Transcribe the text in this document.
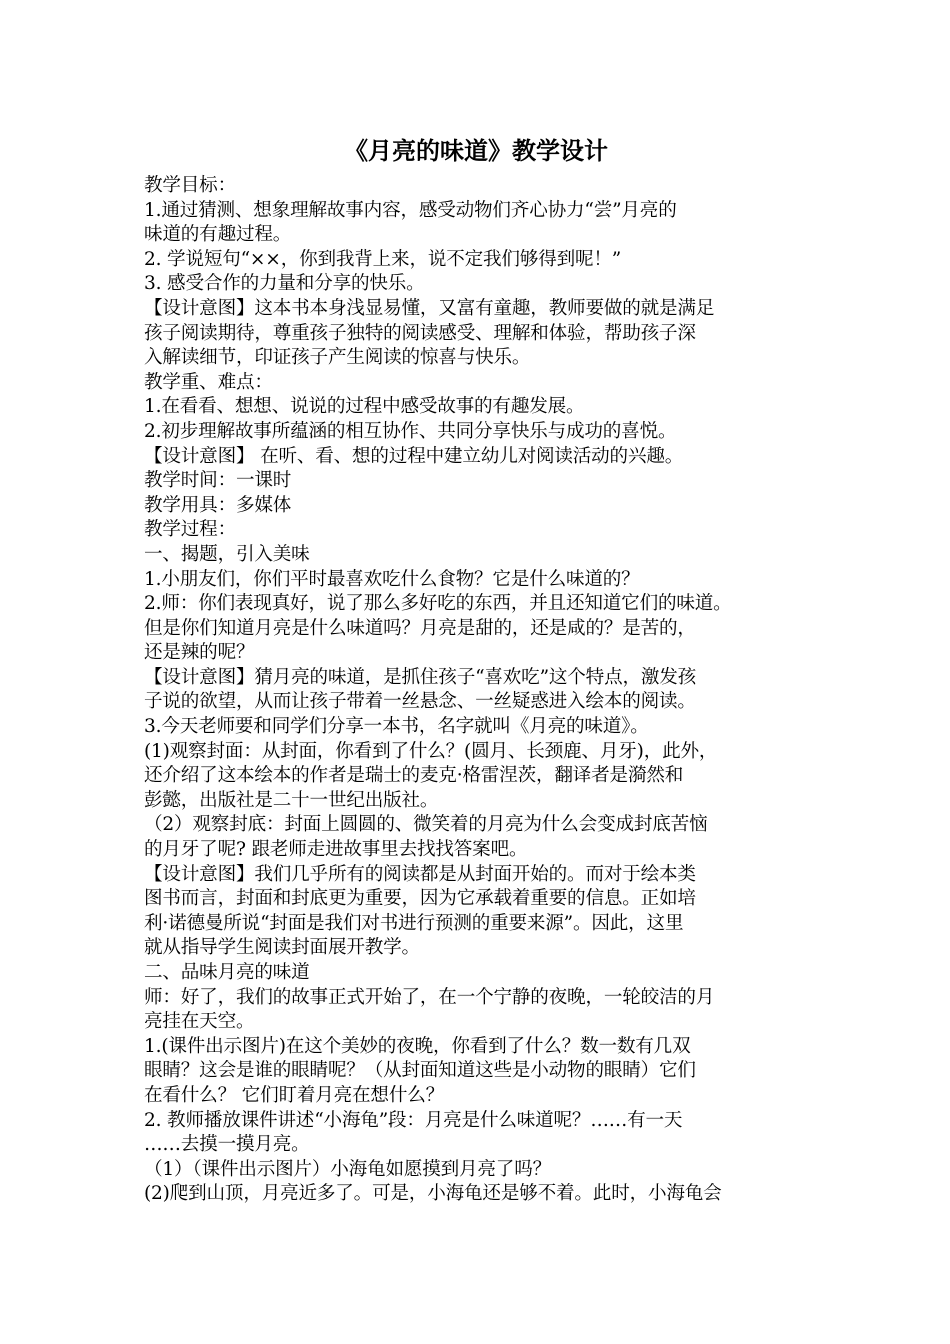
《月亮的味道》教学设计
教学目标：
1.通过猜测、想象理解故事内容，感受动物们齐心协力“尝”月亮的
味道的有趣过程。
2. 学说短句“××，你到我背上来，说不定我们够得到呢！”
3. 感受合作的力量和分享的快乐。
【设计意图】这本书本身浅显易懂，又富有童趣，教师要做的就是满足
孩子阅读期待，尊重孩子独特的阅读感受、理解和体验，帮助孩子深
入解读细节，印证孩子产生阅读的惊喜与快乐。
教学重、难点：
1.在看看、想想、说说的过程中感受故事的有趣发展。
2.初步理解故事所蕴涵的相互协作、共同分享快乐与成功的喜悦。
【设计意图】 在听、看、想的过程中建立幼儿对阅读活动的兴趣。
教学时间：一课时
教学用具：多媒体
教学过程：
一、揭题，引入美味
1.小朋友们，你们平时最喜欢吃什么食物？它是什么味道的？
2.师：你们表现真好，说了那么多好吃的东西，并且还知道它们的味道。
但是你们知道月亮是什么味道吗？月亮是甜的，还是咸的？是苦的，
还是辣的呢？
【设计意图】猜月亮的味道，是抓住孩子“喜欢吃”这个特点，激发孩
子说的欲望，从而让孩子带着一丝悬念、一丝疑惑进入绘本的阅读。
3.今天老师要和同学们分享一本书，名字就叫《月亮的味道》。
(1)观察封面：从封面，你看到了什么？(圆月、长颈鹿、月牙)，此外，
还介绍了这本绘本的作者是瑞士的麦克·格雷涅茨，翻译者是漪然和
彭懿，出版社是二十一世纪出版社。
（2）观察封底：封面上圆圆的、微笑着的月亮为什么会变成封底苦恼
的月牙了呢? 跟老师走进故事里去找找答案吧。
【设计意图】我们几乎所有的阅读都是从封面开始的。而对于绘本类
图书而言，封面和封底更为重要，因为它承载着重要的信息。正如培
利·诺德曼所说“封面是我们对书进行预测的重要来源”。因此，这里
就从指导学生阅读封面展开教学。
二、品味月亮的味道
师：好了，我们的故事正式开始了，在一个宁静的夜晚，一轮皎洁的月
亮挂在天空。
1.(课件出示图片)在这个美妙的夜晚，你看到了什么？数一数有几双
眼睛？这会是谁的眼睛呢？（从封面知道这些是小动物的眼睛）它们
在看什么？ 它们盯着月亮在想什么？
2. 教师播放课件讲述“小海龟”段：月亮是什么味道呢？……有一天
……去摸一摸月亮。
（1）（课件出示图片）小海龟如愿摸到月亮了吗？
(2)爬到山顶，月亮近多了。可是，小海龟还是够不着。此时，小海龟会
